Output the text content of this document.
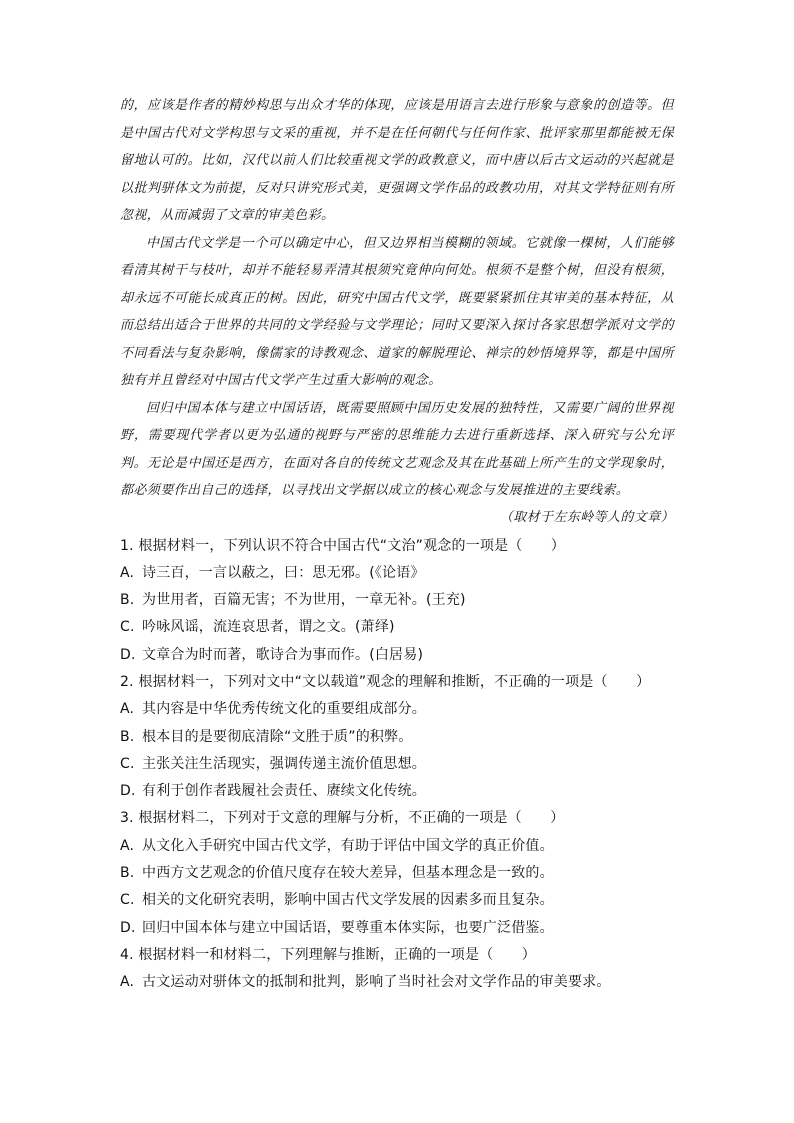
的，应该是作者的精妙构思与出众才华的体现，应该是用语言去进行形象与意象的创造等。但是中国古代对文学构思与文采的重视，并不是在任何朝代与任何作家、批评家那里都能被无保留地认可的。比如，汉代以前人们比较重视文学的政教意义，而中唐以后古文运动的兴起就是以批判骈体文为前提，反对只讲究形式美，更强调文学作品的政教功用，对其文学特征则有所忽视，从而减弱了文章的审美色彩。

中国古代文学是一个可以确定中心，但又边界相当模糊的领域。它就像一棵树，人们能够看清其树干与枝叶，却并不能轻易弄清其根须究竟伸向何处。根须不是整个树，但没有根须，却永远不可能长成真正的树。因此，研究中国古代文学，既要紧紧抓住其审美的基本特征，从而总结出适合于世界的共同的文学经验与文学理论；同时又要深入探讨各家思想学派对文学的不同看法与复杂影响，像儒家的诗教观念、道家的解脱理论、禅宗的妙悟境界等，都是中国所独有并且曾经对中国古代文学产生过重大影响的观念。

回归中国本体与建立中国话语，既需要照顾中国历史发展的独特性，又需要广阔的世界视野，需要现代学者以更为弘通的视野与严密的思维能力去进行重新选择、深入研究与公允评判。无论是中国还是西方，在面对各自的传统文艺观念及其在此基础上所产生的文学现象时，都必须要作出自己的选择，以寻找出文学据以成立的核心观念与发展推进的主要线索。

（取材于左东岭等人的文章）
1. 根据材料一，下列认识不符合中国古代“文治”观念的一项是（　　）
A. 诗三百，一言以蔽之，曰：思无邪。(《论语》
B. 为世用者，百篇无害；不为世用，一章无补。(王充)
C. 吟咏风谣，流连哀思者，谓之文。(萧绎)
D. 文章合为时而著，歌诗合为事而作。(白居易)
2. 根据材料一，下列对文中“文以载道”观念的理解和推断，不正确的一项是（　　）
A. 其内容是中华优秀传统文化的重要组成部分。
B. 根本目的是要彻底清除“文胜于质”的积弊。
C. 主张关注生活现实，强调传递主流价值思想。
D. 有利于创作者践履社会责任、赓续文化传统。
3. 根据材料二，下列对于文意的理解与分析，不正确的一项是（　　）
A. 从文化入手研究中国古代文学，有助于评估中国文学的真正价值。
B. 中西方文艺观念的价值尺度存在较大差异，但基本理念是一致的。
C. 相关的文化研究表明，影响中国古代文学发展的因素多而且复杂。
D. 回归中国本体与建立中国话语，要尊重本体实际，也要广泛借鉴。
4. 根据材料一和材料二，下列理解与推断，正确的一项是（　　）
A. 古文运动对骈体文的抵制和批判，影响了当时社会对文学作品的审美要求。
